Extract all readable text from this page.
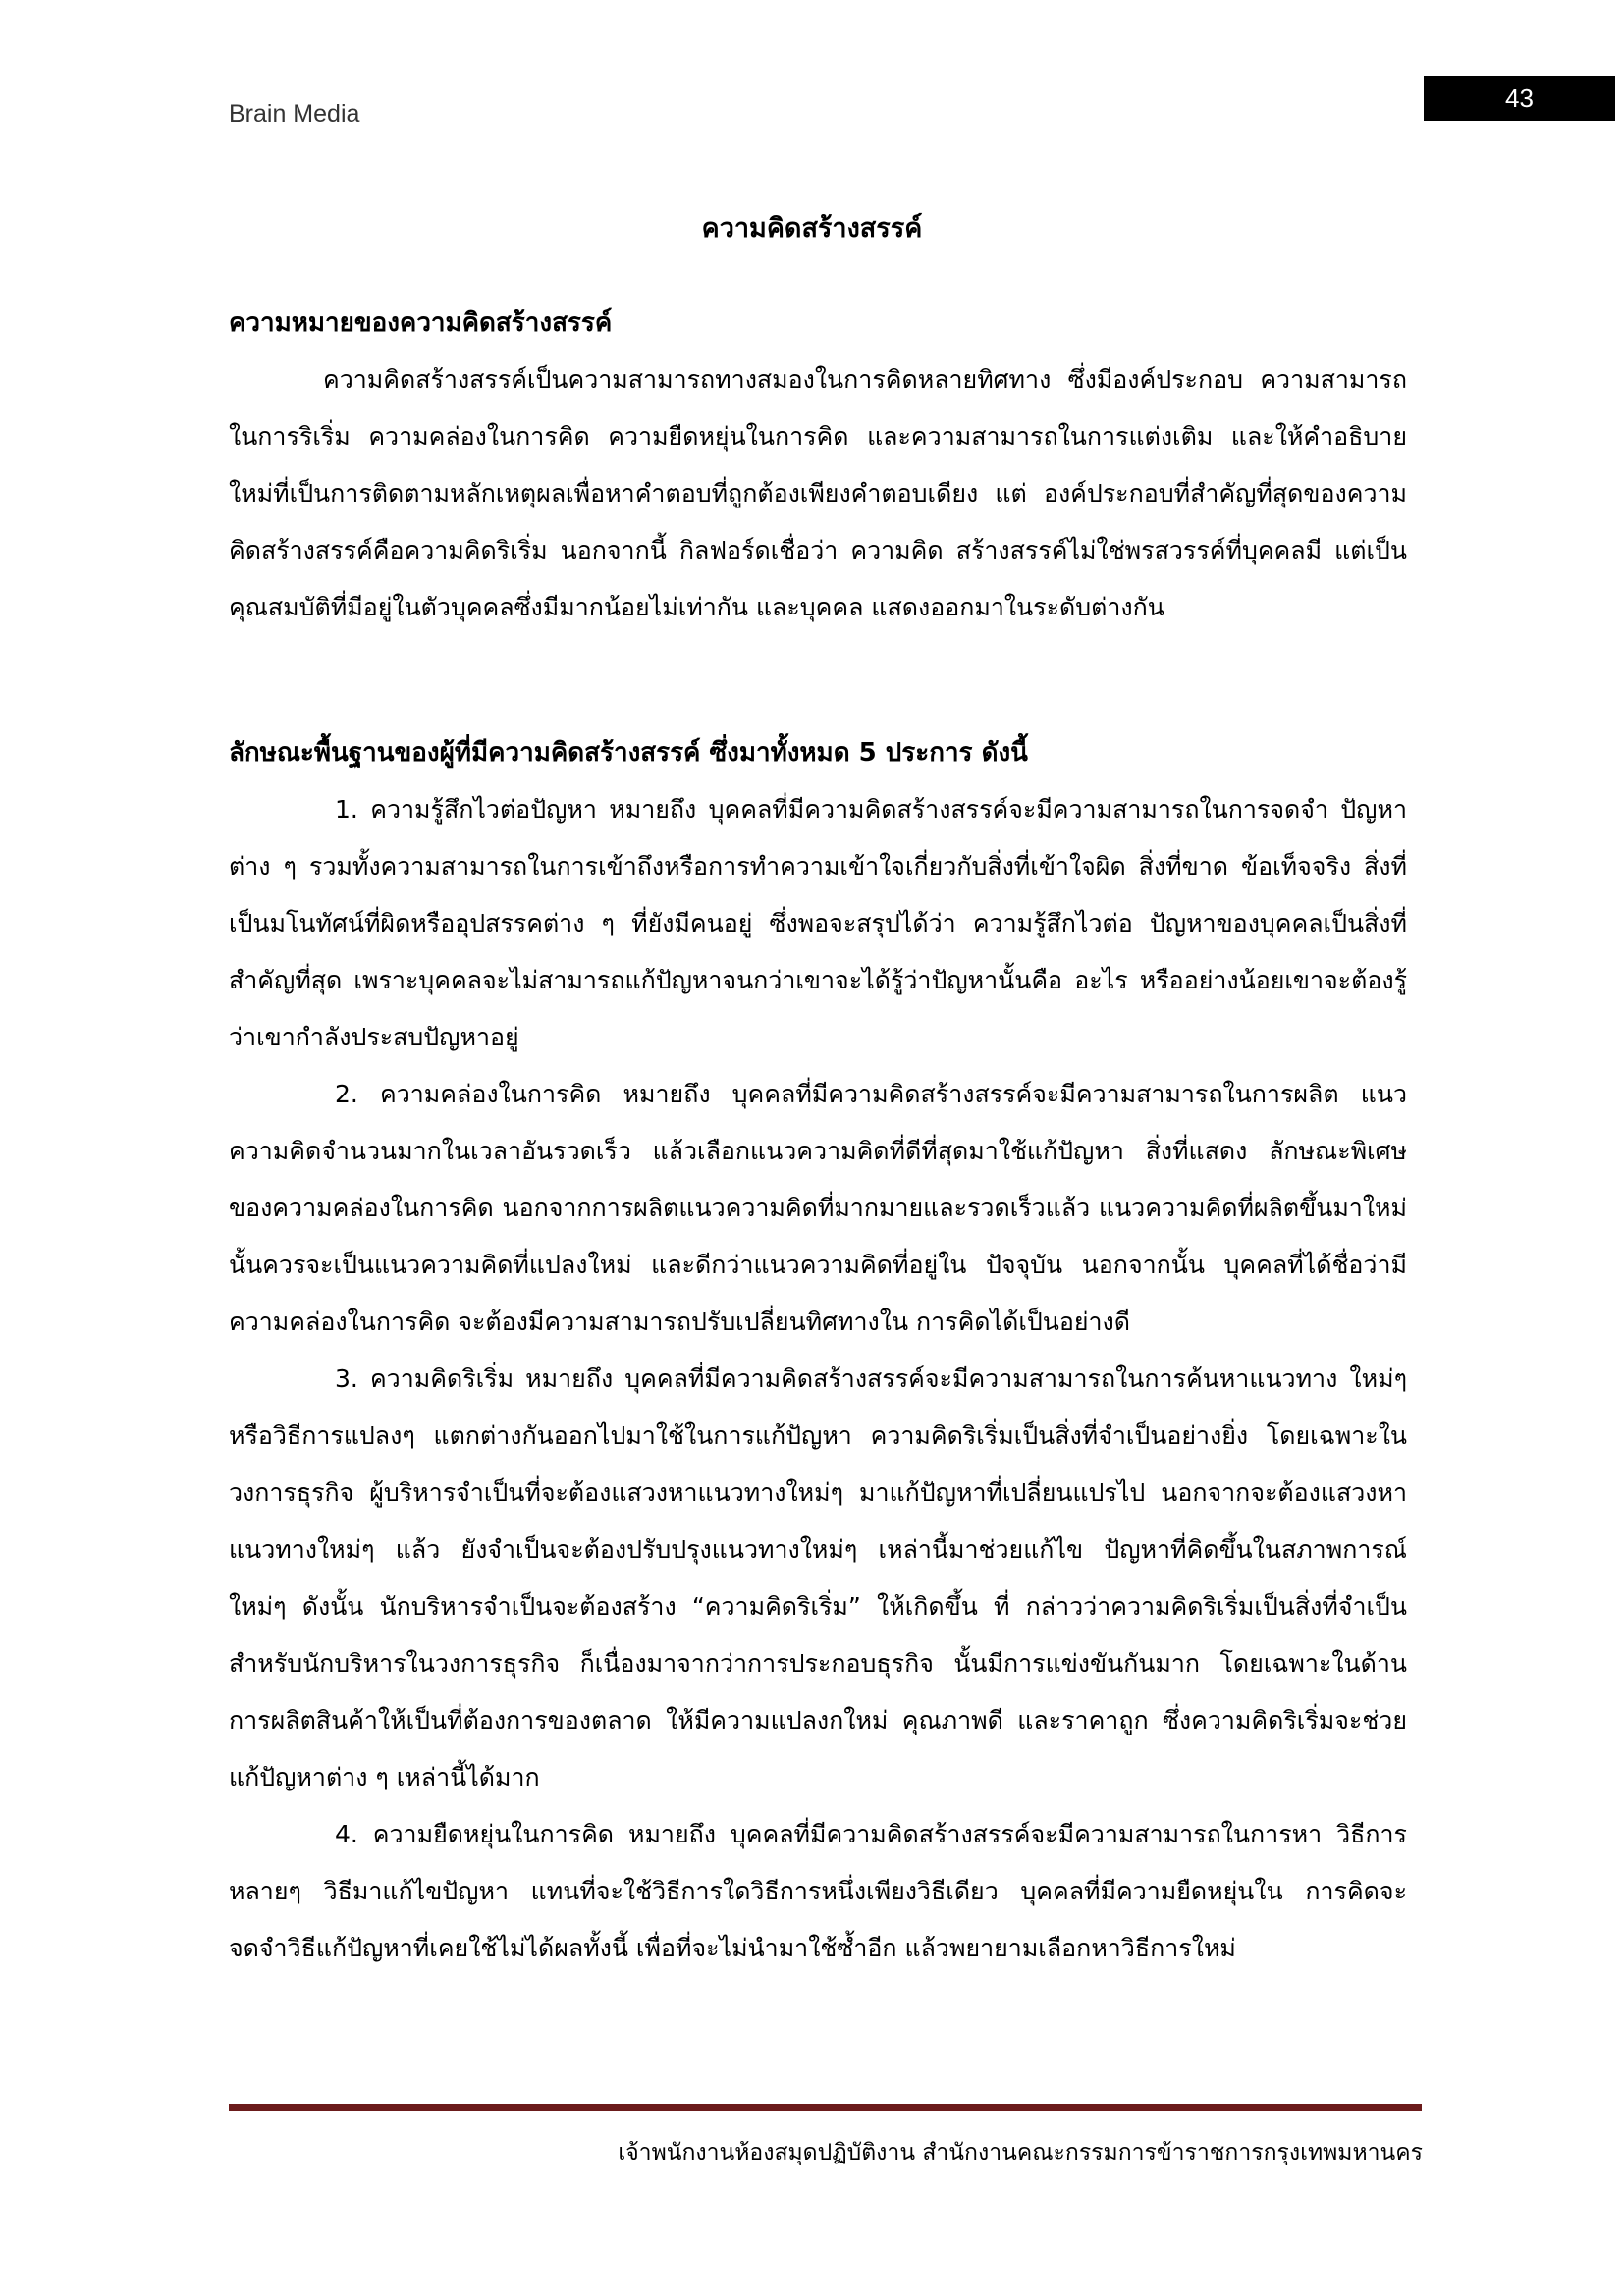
Brain Media
43
ความคิดสร้างสรรค์
ความหมายของความคิดสร้างสรรค์

ความคิดสร้างสรรค์เป็นความสามารถทางสมองในการคิดหลายทิศทาง ซึ่งมีองค์ประกอบ ความสามารถในการริเริ่ม ความคล่องในการคิด ความยืดหยุ่นในการคิด และความสามารถในการแต่งเติม และให้คำอธิบายใหม่ที่เป็นการติดตามหลักเหตุผลเพื่อหาคำตอบที่ถูกต้องเพียงคำตอบเดียง แต่ องค์ประกอบที่สำคัญที่สุดของความคิดสร้างสรรค์คือความคิดริเริ่ม นอกจากนี้ กิลฟอร์ดเชื่อว่า ความคิด สร้างสรรค์ไม่ใช่พรสวรรค์ที่บุคคลมี แต่เป็นคุณสมบัติที่มีอยู่ในตัวบุคคลซึ่งมีมากน้อยไม่เท่ากัน และบุคคล แสดงออกมาในระดับต่างกัน

ลักษณะพื้นฐานของผู้ที่มีความคิดสร้างสรรค์ ซึ่งมาทั้งหมด 5 ประการ ดังนี้

1. ความรู้สึกไวต่อปัญหา หมายถึง บุคคลที่มีความคิดสร้างสรรค์จะมีความสามารถในการจดจำ ปัญหาต่าง ๆ รวมทั้งความสามารถในการเข้าถึงหรือการทำความเข้าใจเกี่ยวกับสิ่งที่เข้าใจผิด สิ่งที่ขาด ข้อเท็จจริง สิ่งที่เป็นมโนทัศน์ที่ผิดหรืออุปสรรคต่าง ๆ ที่ยังมีคนอยู่ ซึ่งพอจะสรุปได้ว่า ความรู้สึกไวต่อ ปัญหาของบุคคลเป็นสิ่งที่สำคัญที่สุด เพราะบุคคลจะไม่สามารถแก้ปัญหาจนกว่าเขาจะได้รู้ว่าปัญหานั้นคือ อะไร หรืออย่างน้อยเขาจะต้องรู้ว่าเขากำลังประสบปัญหาอยู่

2. ความคล่องในการคิด หมายถึง บุคคลที่มีความคิดสร้างสรรค์จะมีความสามารถในการผลิต แนวความคิดจำนวนมากในเวลาอันรวดเร็ว แล้วเลือกแนวความคิดที่ดีที่สุดมาใช้แก้ปัญหา สิ่งที่แสดง ลักษณะพิเศษของความคล่องในการคิด นอกจากการผลิตแนวความคิดที่มากมายและรวดเร็วแล้ว แนวความคิดที่ผลิตขึ้นมาใหม่นั้นควรจะเป็นแนวความคิดที่แปลงใหม่ และดีกว่าแนวความคิดที่อยู่ใน ปัจจุบัน นอกจากนั้น บุคคลที่ได้ชื่อว่ามีความคล่องในการคิด จะต้องมีความสามารถปรับเปลี่ยนทิศทางใน การคิดได้เป็นอย่างดี

3. ความคิดริเริ่ม หมายถึง บุคคลที่มีความคิดสร้างสรรค์จะมีความสามารถในการค้นหาแนวทาง ใหม่ๆ หรือวิธีการแปลงๆ แตกต่างกันออกไปมาใช้ในการแก้ปัญหา ความคิดริเริ่มเป็นสิ่งที่จำเป็นอย่างยิ่ง โดยเฉพาะในวงการธุรกิจ ผู้บริหารจำเป็นที่จะต้องแสวงหาแนวทางใหม่ๆ มาแก้ปัญหาที่เปลี่ยนแปรไป นอกจากจะต้องแสวงหาแนวทางใหม่ๆ แล้ว ยังจำเป็นจะต้องปรับปรุงแนวทางใหม่ๆ เหล่านี้มาช่วยแก้ไข ปัญหาที่คิดขึ้นในสภาพการณ์ใหม่ๆ ดังนั้น นักบริหารจำเป็นจะต้องสร้าง “ความคิดริเริ่ม” ให้เกิดขึ้น ที่ กล่าวว่าความคิดริเริ่มเป็นสิ่งที่จำเป็นสำหรับนักบริหารในวงการธุรกิจ ก็เนื่องมาจากว่าการประกอบธุรกิจ นั้นมีการแข่งขันกันมาก โดยเฉพาะในด้านการผลิตสินค้าให้เป็นที่ต้องการของตลาด ให้มีความแปลงกใหม่ คุณภาพดี และราคาถูก ซึ่งความคิดริเริ่มจะช่วยแก้ปัญหาต่าง ๆ เหล่านี้ได้มาก

4. ความยืดหยุ่นในการคิด หมายถึง บุคคลที่มีความคิดสร้างสรรค์จะมีความสามารถในการหา วิธีการหลายๆ วิธีมาแก้ไขปัญหา แทนที่จะใช้วิธีการใดวิธีการหนึ่งเพียงวิธีเดียว บุคคลที่มีความยืดหยุ่นใน การคิดจะจดจำวิธีแก้ปัญหาที่เคยใช้ไม่ได้ผลทั้งนี้ เพื่อที่จะไม่นำมาใช้ซ้ำอีก แล้วพยายามเลือกหาวิธีการใหม่

เจ้าพนักงานห้องสมุดปฏิบัติงาน สำนักงานคณะกรรมการข้าราชการกรุงเทพมหานคร
